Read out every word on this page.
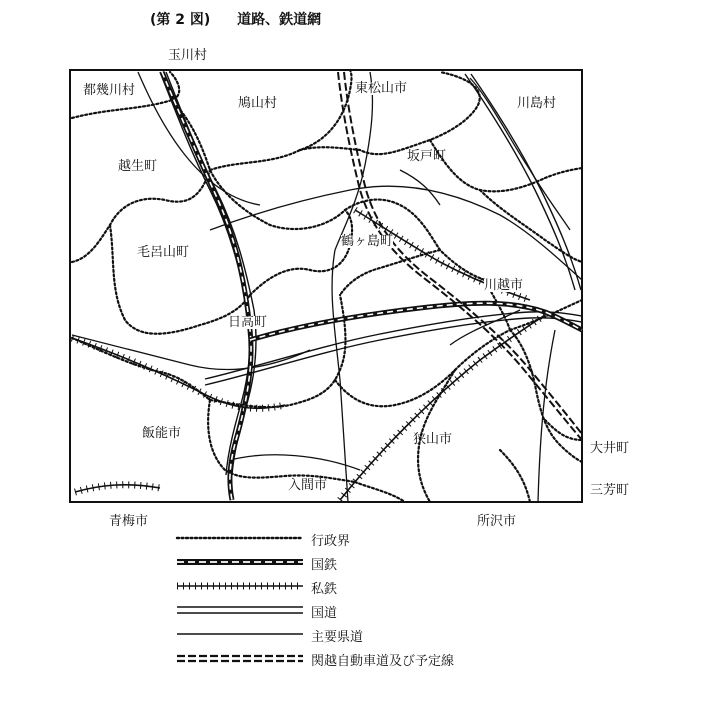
(第 2 図) 道路、鉄道網
玉川村
都幾川村
鳩山村
東松山市
川島村
越生町
坂戸町
鶴ヶ島町
毛呂山町
川越市
日高町
飯能市	狭山市
大井町
三芳町
入間市
青梅市	所沢市
行政界
国鉄
私鉄
国道
主要県道
関越自動車道及び予定線
